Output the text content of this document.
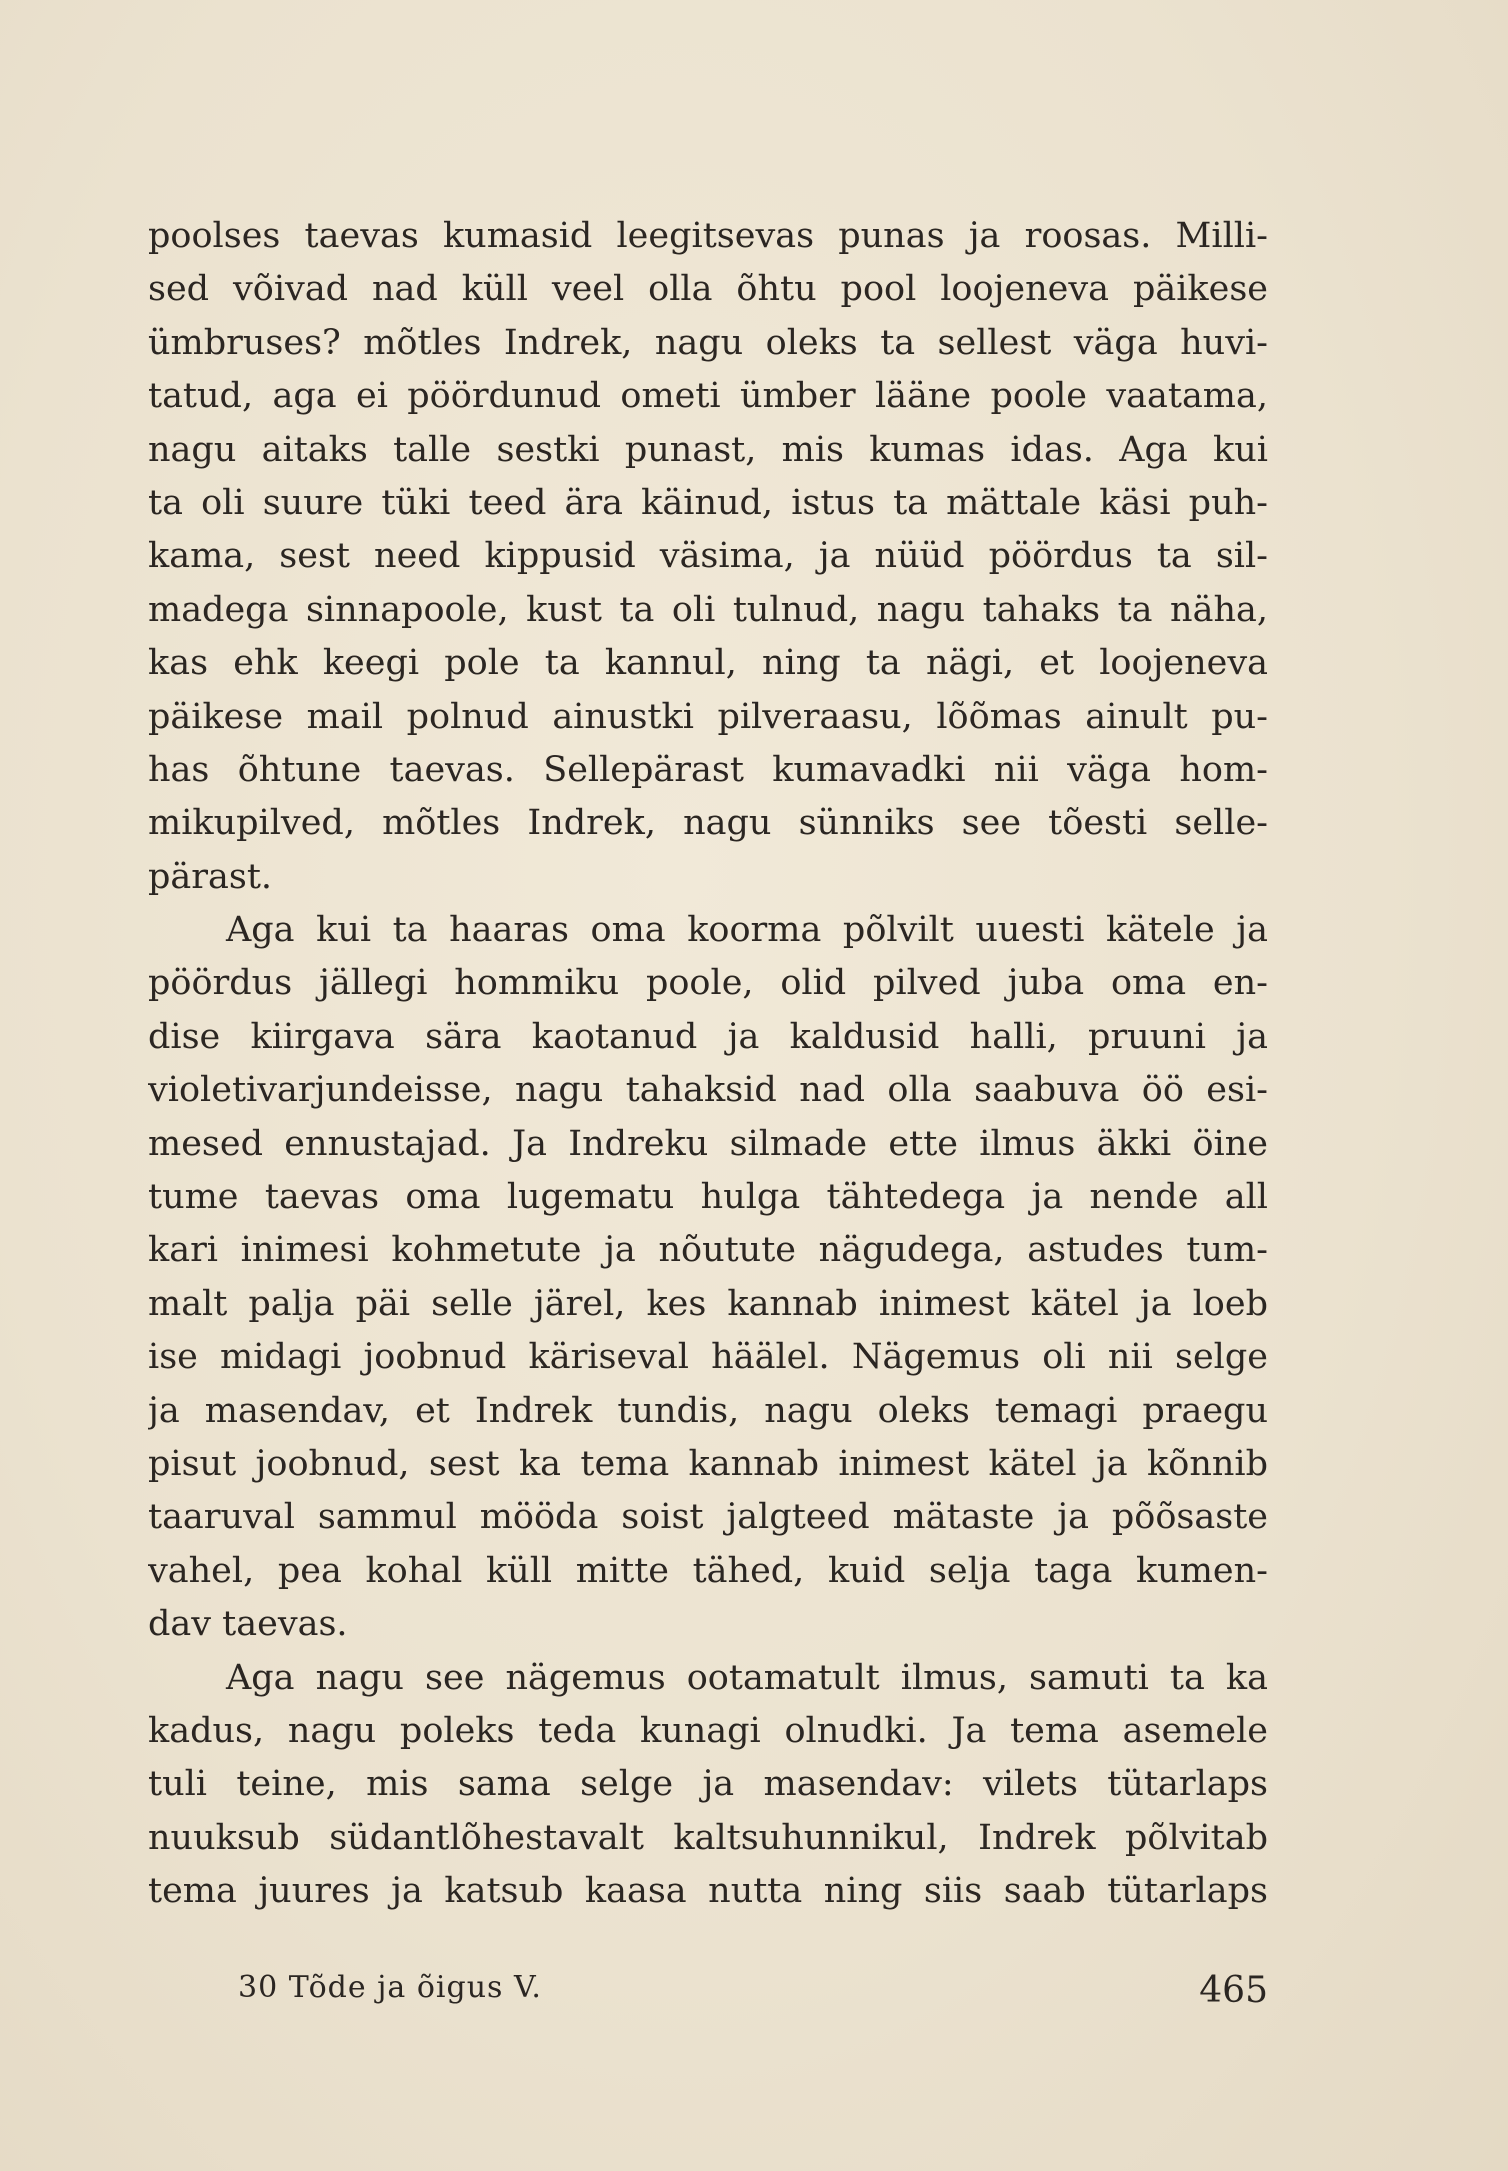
poolses taevas kumasid leegitsevas punas ja roosas. Milli-
sed võivad nad küll veel olla õhtu pool loojeneva päikese
ümbruses? mõtles Indrek, nagu oleks ta sellest väga huvi-
tatud, aga ei pöördunud ometi ümber lääne poole vaatama,
nagu aitaks talle sestki punast, mis kumas idas. Aga kui
ta oli suure tüki teed ära käinud, istus ta mättale käsi puh-
kama, sest need kippusid väsima, ja nüüd pöördus ta sil-
madega sinnapoole, kust ta oli tulnud, nagu tahaks ta näha,
kas ehk keegi pole ta kannul, ning ta nägi, et loojeneva
päikese mail polnud ainustki pilveraasu, lõõmas ainult pu-
has õhtune taevas. Sellepärast kumavadki nii väga hom-
mikupilved, mõtles Indrek, nagu sünniks see tõesti selle-
pärast.
Aga kui ta haaras oma koorma põlvilt uuesti kätele ja
pöördus jällegi hommiku poole, olid pilved juba oma en-
dise kiirgava sära kaotanud ja kaldusid halli, pruuni ja
violetivarjundeisse, nagu tahaksid nad olla saabuva öö esi-
mesed ennustajad. Ja Indreku silmade ette ilmus äkki öine
tume taevas oma lugematu hulga tähtedega ja nende all
kari inimesi kohmetute ja nõutute nägudega, astudes tum-
malt palja päi selle järel, kes kannab inimest kätel ja loeb
ise midagi joobnud käriseval häälel. Nägemus oli nii selge
ja masendav, et Indrek tundis, nagu oleks temagi praegu
pisut joobnud, sest ka tema kannab inimest kätel ja kõnnib
taaruval sammul mööda soist jalgteed mätaste ja põõsaste
vahel, pea kohal küll mitte tähed, kuid selja taga kumen-
dav taevas.
Aga nagu see nägemus ootamatult ilmus, samuti ta ka
kadus, nagu poleks teda kunagi olnudki. Ja tema asemele
tuli teine, mis sama selge ja masendav: vilets tütarlaps
nuuksub südantlõhestavalt kaltsuhunnikul, Indrek põlvitab
tema juures ja katsub kaasa nutta ning siis saab tütarlaps
30 Tõde ja õigus V.	465
